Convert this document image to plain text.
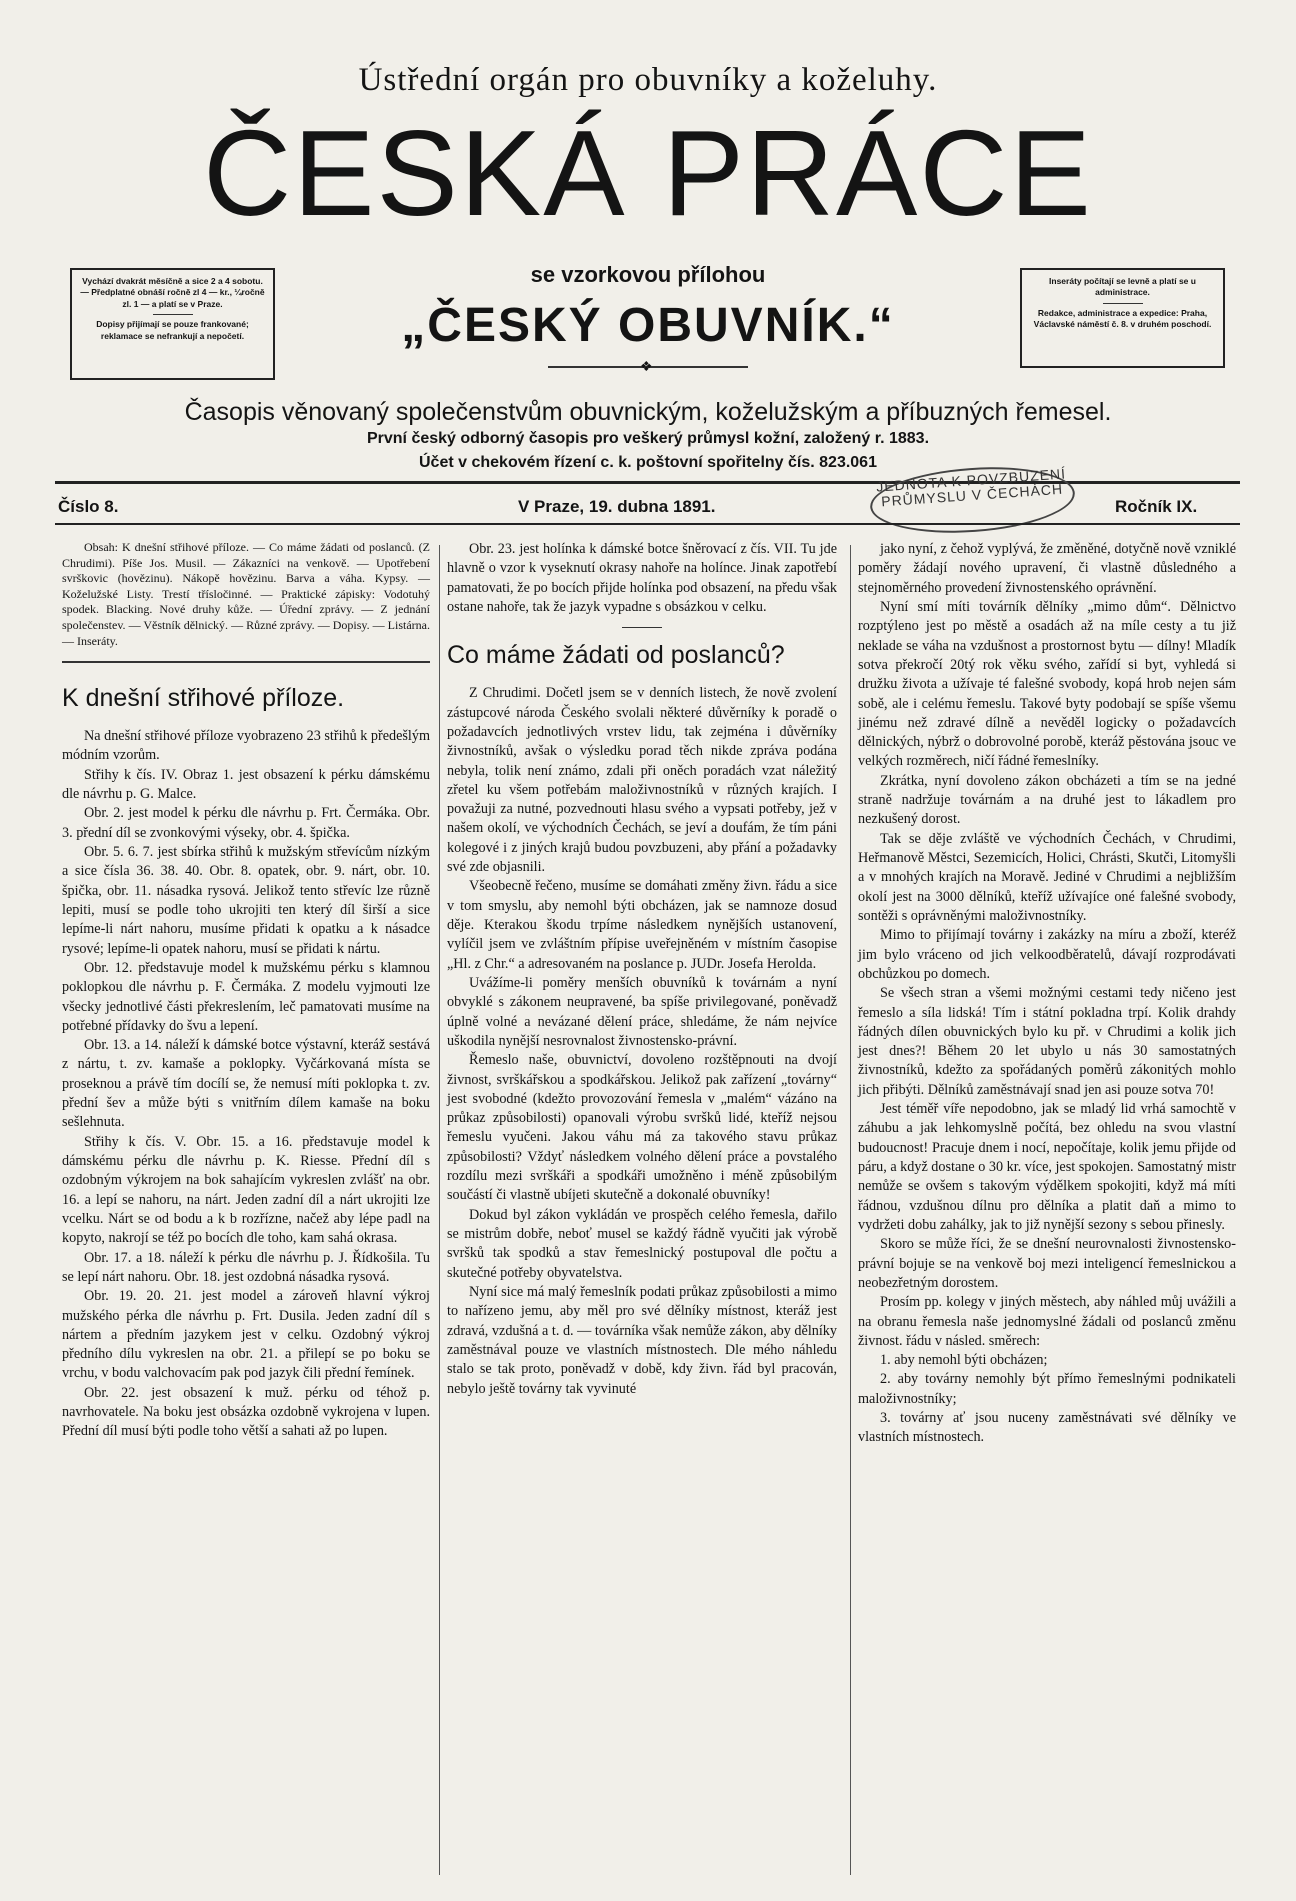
Ústřední orgán pro obuvníky a koželuhy.
ČESKÁ PRÁCE
Vychází dvakrát měsíčně a sice 2 a 4 sobotu. — Předplatné obnáší ročně zl 4 — kr., ¼ročně zl. 1 — a platí se v Praze.
Dopisy přijímají se pouze frankované; reklamace se nefrankují a nepočetí.
Inseráty počítají se levně a platí se u administrace.
Redakce, administrace a expedice: Praha, Václavské náměstí č. 8. v druhém poschodí.
se vzorkovou přílohou
„ČESKÝ OBUVNÍK.“
❖
Časopis věnovaný společenstvům obuvnickým, koželužským a příbuzných řemesel.
První český odborný časopis pro veškerý průmysl kožní, založený r. 1883.
Účet v chekovém řízení c. k. poštovní spořitelny čís. 823.061
Číslo 8.	V Praze, 19. dubna 1891.	Ročník IX.
JEDNOTA K POVZBUZENÍ PRŮMYSLU V ČECHÁCH

Obsah: K dnešní střihové příloze. — Co máme žádati od poslanců. (Z Chrudimi). Píše Jos. Musil. — Zákazníci na venkově. — Upotřebení svrškovic (hovězinu). Nákopě hovězinu. Barva a váha. Kypsy. — Koželužské Listy. Trestí třísločinné. — Praktické zápisky: Vodotuhý spodek. Blacking. Nové druhy kůže. — Úřední zprávy. — Z jednání společenstev. — Věstník dělnický. — Různé zprávy. — Dopisy. — Listárna. — Inseráty.

K dnešní střihové příloze.

Na dnešní střihové příloze vyobrazeno 23 střihů k předešlým módním vzorům.

Střihy k čís. IV. Obraz 1. jest obsazení k pérku dámskému dle návrhu p. G. Malce.

Obr. 2. jest model k pérku dle návrhu p. Frt. Čermáka. Obr. 3. přední díl se zvonkovými výseky, obr. 4. špička.

Obr. 5. 6. 7. jest sbírka střihů k mužským střevícům nízkým a sice čísla 36. 38. 40. Obr. 8. opatek, obr. 9. nárt, obr. 10. špička, obr. 11. násadka rysová. Jelikož tento střevíc lze různě lepiti, musí se podle toho ukrojiti ten který díl širší a sice lepíme-li nárt nahoru, musíme přidati k opatku a k násadce rysové; lepíme-li opatek nahoru, musí se přidati k nártu.

Obr. 12. představuje model k mužskému pérku s klamnou poklopkou dle návrhu p. F. Čermáka. Z modelu vyjmouti lze všecky jednotlivé části překreslením, leč pamatovati musíme na potřebné přídavky do švu a lepení.

Obr. 13. a 14. náleží k dámské botce výstavní, kteráž sestává z nártu, t. zv. kamaše a poklopky. Vyčárkovaná místa se proseknou a právě tím docílí se, že nemusí míti poklopka t. zv. přední šev a může býti s vnitřním dílem kamaše na boku sešlehnuta.

Střihy k čís. V. Obr. 15. a 16. představuje model k dámskému pérku dle návrhu p. K. Riesse. Přední díl s ozdobným výkrojem na bok sahajícím vykreslen zvlášť na obr. 16. a lepí se nahoru, na nárt. Jeden zadní díl a nárt ukrojiti lze vcelku. Nárt se od bodu a k b rozřízne, načež aby lépe padl na kopyto, nakrojí se též po bocích dle toho, kam sahá okrasa.

Obr. 17. a 18. náleží k pérku dle návrhu p. J. Řídkošila. Tu se lepí nárt nahoru. Obr. 18. jest ozdobná násadka rysová.

Obr. 19. 20. 21. jest model a zároveň hlavní výkroj mužského pérka dle návrhu p. Frt. Dusila. Jeden zadní díl s nártem a předním jazykem jest v celku. Ozdobný výkroj předního dílu vykreslen na obr. 21. a přilepí se po boku se vrchu, v bodu valchovacím pak pod jazyk čili přední řemínek.

Obr. 22. jest obsazení k muž. pérku od téhož p. navrhovatele. Na boku jest obsázka ozdobně vykrojena v lupen. Přední díl musí býti podle toho větší a sahati až po lupen.

Obr. 23. jest holínka k dámské botce šněrovací z čís. VII. Tu jde hlavně o vzor k vyseknutí okrasy nahoře na holínce. Jinak zapotřebí pamatovati, že po bocích přijde holínka pod obsazení, na předu však ostane nahoře, tak že jazyk vypadne s obsázkou v celku.

Co máme žádati od poslanců?

Z Chrudimi. Dočetl jsem se v denních listech, že nově zvolení zástupcové národa Českého svolali některé důvěrníky k poradě o požadavcích jednotlivých vrstev lidu, tak zejména i důvěrníky živnostníků, avšak o výsledku porad těch nikde zpráva podána nebyla, tolik není známo, zdali při oněch poradách vzat náležitý zřetel ku všem potřebám maloživnostníků v různých krajích. I považuji za nutné, pozvednouti hlasu svého a vypsati potřeby, jež v našem okolí, ve východních Čechách, se jeví a doufám, že tím páni kolegové i z jiných krajů budou povzbuzeni, aby přání a požadavky své zde objasnili.

Všeobecně řečeno, musíme se domáhati změny živn. řádu a sice v tom smyslu, aby nemohl býti obcházen, jak se namnoze dosud děje. Kterakou škodu trpíme následkem nynějších ustanovení, vylíčil jsem ve zvláštním přípise uveřejněném v místním časopise „Hl. z Chr.“ a adresovaném na poslance p. JUDr. Josefa Herolda.

Uvážíme-li poměry menších obuvníků k továrnám a nyní obvyklé s zákonem neupravené, ba spíše privilegované, poněvadž úplně volné a nevázané dělení práce, shledáme, že nám nejvíce uškodila nynější nesrovnalost živnostensko-právní.

Řemeslo naše, obuvnictví, dovoleno rozštěpnouti na dvojí živnost, svrškářskou a spodkářskou. Jelikož pak zařízení „továrny“ jest svobodné (kdežto provozování řemesla v „malém“ vázáno na průkaz způsobilosti) opanovali výrobu svršků lidé, kteříž nejsou řemeslu vyučeni. Jakou váhu má za takového stavu průkaz způsobilosti? Vždyť následkem volného dělení práce a povstalého rozdílu mezi svrškáři a spodkáři umožněno i méně způsobilým součástí či vlastně ubíjeti skutečně a dokonalé obuvníky!

Dokud byl zákon vykládán ve prospěch celého řemesla, dařilo se mistrům dobře, neboť musel se každý řádně vyučiti jak výrobě svršků tak spodků a stav řemeslnický postupoval dle počtu a skutečné potřeby obyvatelstva.

Nyní sice má malý řemeslník podati průkaz způsobilosti a mimo to nařízeno jemu, aby měl pro své dělníky místnost, kteráž jest zdravá, vzdušná a t. d. — továrníka však nemůže zákon, aby dělníky zaměstnával pouze ve vlastních místnostech. Dle mého náhledu stalo se tak proto, poněvadž v době, kdy živn. řád byl pracován, nebylo ještě továrny tak vyvinuté

jako nyní, z čehož vyplývá, že změněné, dotyčně nově vzniklé poměry žádají nového upravení, či vlastně důsledného a stejnoměrného provedení živnostenského oprávnění.

Nyní smí míti továrník dělníky „mimo dům“. Dělnictvo rozptýleno jest po městě a osadách až na míle cesty a tu již neklade se váha na vzdušnost a prostornost bytu — dílny! Mladík sotva překročí 20tý rok věku svého, zařídí si byt, vyhledá si družku života a užívaje té falešné svobody, kopá hrob nejen sám sobě, ale i celému řemeslu. Takové byty podobají se spíše všemu jinému než zdravé dílně a nevěděl logicky o požadavcích dělnických, nýbrž o dobrovolné porobě, kteráž pěstována jsouc ve velkých rozměrech, ničí řádné řemeslníky.

Zkrátka, nyní dovoleno zákon obcházeti a tím se na jedné straně nadržuje továrnám a na druhé jest to lákadlem pro nezkušený dorost.

Tak se děje zvláště ve východních Čechách, v Chrudimi, Heřmanově Městci, Sezemicích, Holici, Chrásti, Skutči, Litomyšli a v mnohých krajích na Moravě. Jediné v Chrudimi a nejbližším okolí jest na 3000 dělníků, kteříž užívajíce oné falešné svobody, sontěži s oprávněnými maloživnostníky.

Mimo to přijímají továrny i zakázky na míru a zboží, kteréž jim bylo vráceno od jich velkoodběratelů, dávají rozprodávati obchůzkou po domech.

Se všech stran a všemi možnými cestami tedy ničeno jest řemeslo a síla lidská! Tím i státní pokladna trpí. Kolik drahdy řádných dílen obuvnických bylo ku př. v Chrudimi a kolik jich jest dnes?! Během 20 let ubylo u nás 30 samostatných živnostníků, kdežto za spořádaných poměrů zákonitých mohlo jich přibýti. Dělníků zaměstnávají snad jen asi pouze sotva 70!

Jest téměř víře nepodobno, jak se mladý lid vrhá samochtě v záhubu a jak lehkomyslně počítá, bez ohledu na svou vlastní budoucnost! Pracuje dnem i nocí, nepočítaje, kolik jemu přijde od páru, a když dostane o 30 kr. více, jest spokojen. Samostatný mistr nemůže se ovšem s takovým výdělkem spokojiti, když má míti řádnou, vzdušnou dílnu pro dělníka a platit daň a mimo to vydržeti dobu zahálky, jak to již nynější sezony s sebou přinesly.

Skoro se může říci, že se dnešní neurovnalosti živnostensko-právní bojuje se na venkově boj mezi inteligencí řemeslnickou a neobezřetným dorostem.

Prosím pp. kolegy v jiných městech, aby náhled můj uvážili a na obranu řemesla naše jednomyslné žádali od poslanců změnu živnost. řádu v násled. směrech:

1. aby nemohl býti obcházen;

2. aby továrny nemohly být přímo řemeslnými podnikateli maloživnostníky;

3. továrny ať jsou nuceny zaměstnávati své dělníky ve vlastních místnostech.
